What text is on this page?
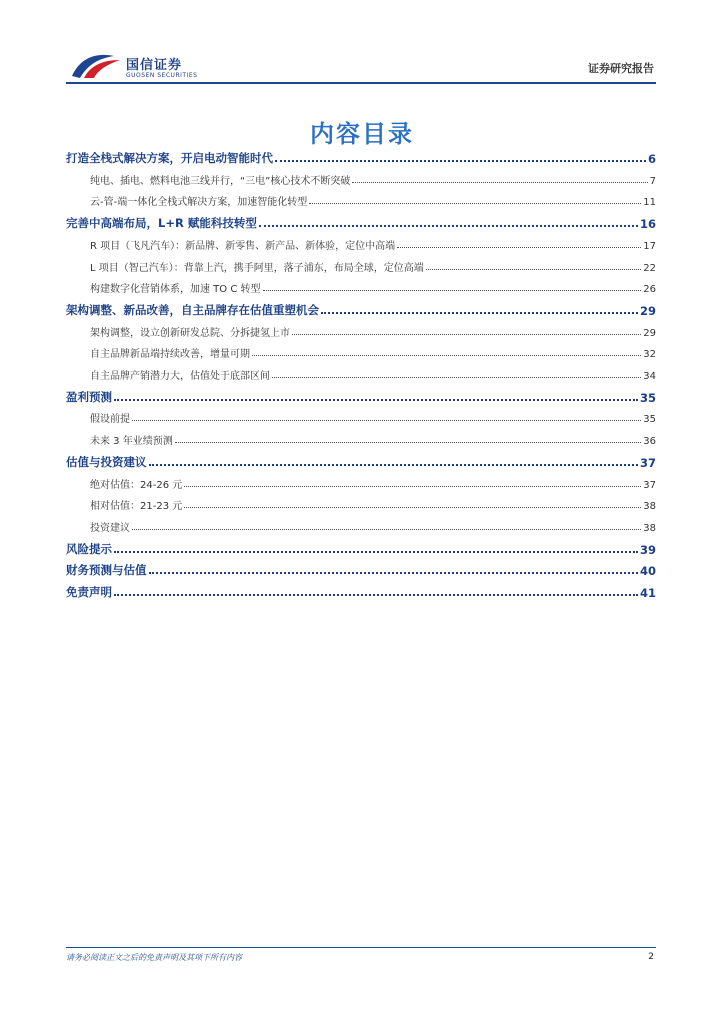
国信证券
GUOSEN SECURITIES
证券研究报告
内容目录
打造全栈式解决方案，开启电动智能时代	6
纯电、插电、燃料电池三线并行，“三电”核心技术不断突破	7
云-管-端一体化全栈式解决方案，加速智能化转型	11
完善中高端布局，L+R 赋能科技转型	16
R 项目（飞凡汽车）：新品牌、新零售、新产品、新体验，定位中高端	17
L 项目（智己汽车）：背靠上汽，携手阿里，落子浦东，布局全球，定位高端	22
构建数字化营销体系，加速 TO C 转型	26
架构调整、新品改善，自主品牌存在估值重塑机会	29
架构调整，设立创新研发总院、分拆捷氢上市	29
自主品牌新品端持续改善，增量可期	32
自主品牌产销潜力大，估值处于底部区间	34
盈利预测	35
假设前提	35
未来 3 年业绩预测	36
估值与投资建议	37
绝对估值：24-26 元	37
相对估值：21-23 元	38
投资建议	38
风险提示	39
财务预测与估值	40
免责声明	41
请务必阅读正文之后的免责声明及其项下所有内容	2
